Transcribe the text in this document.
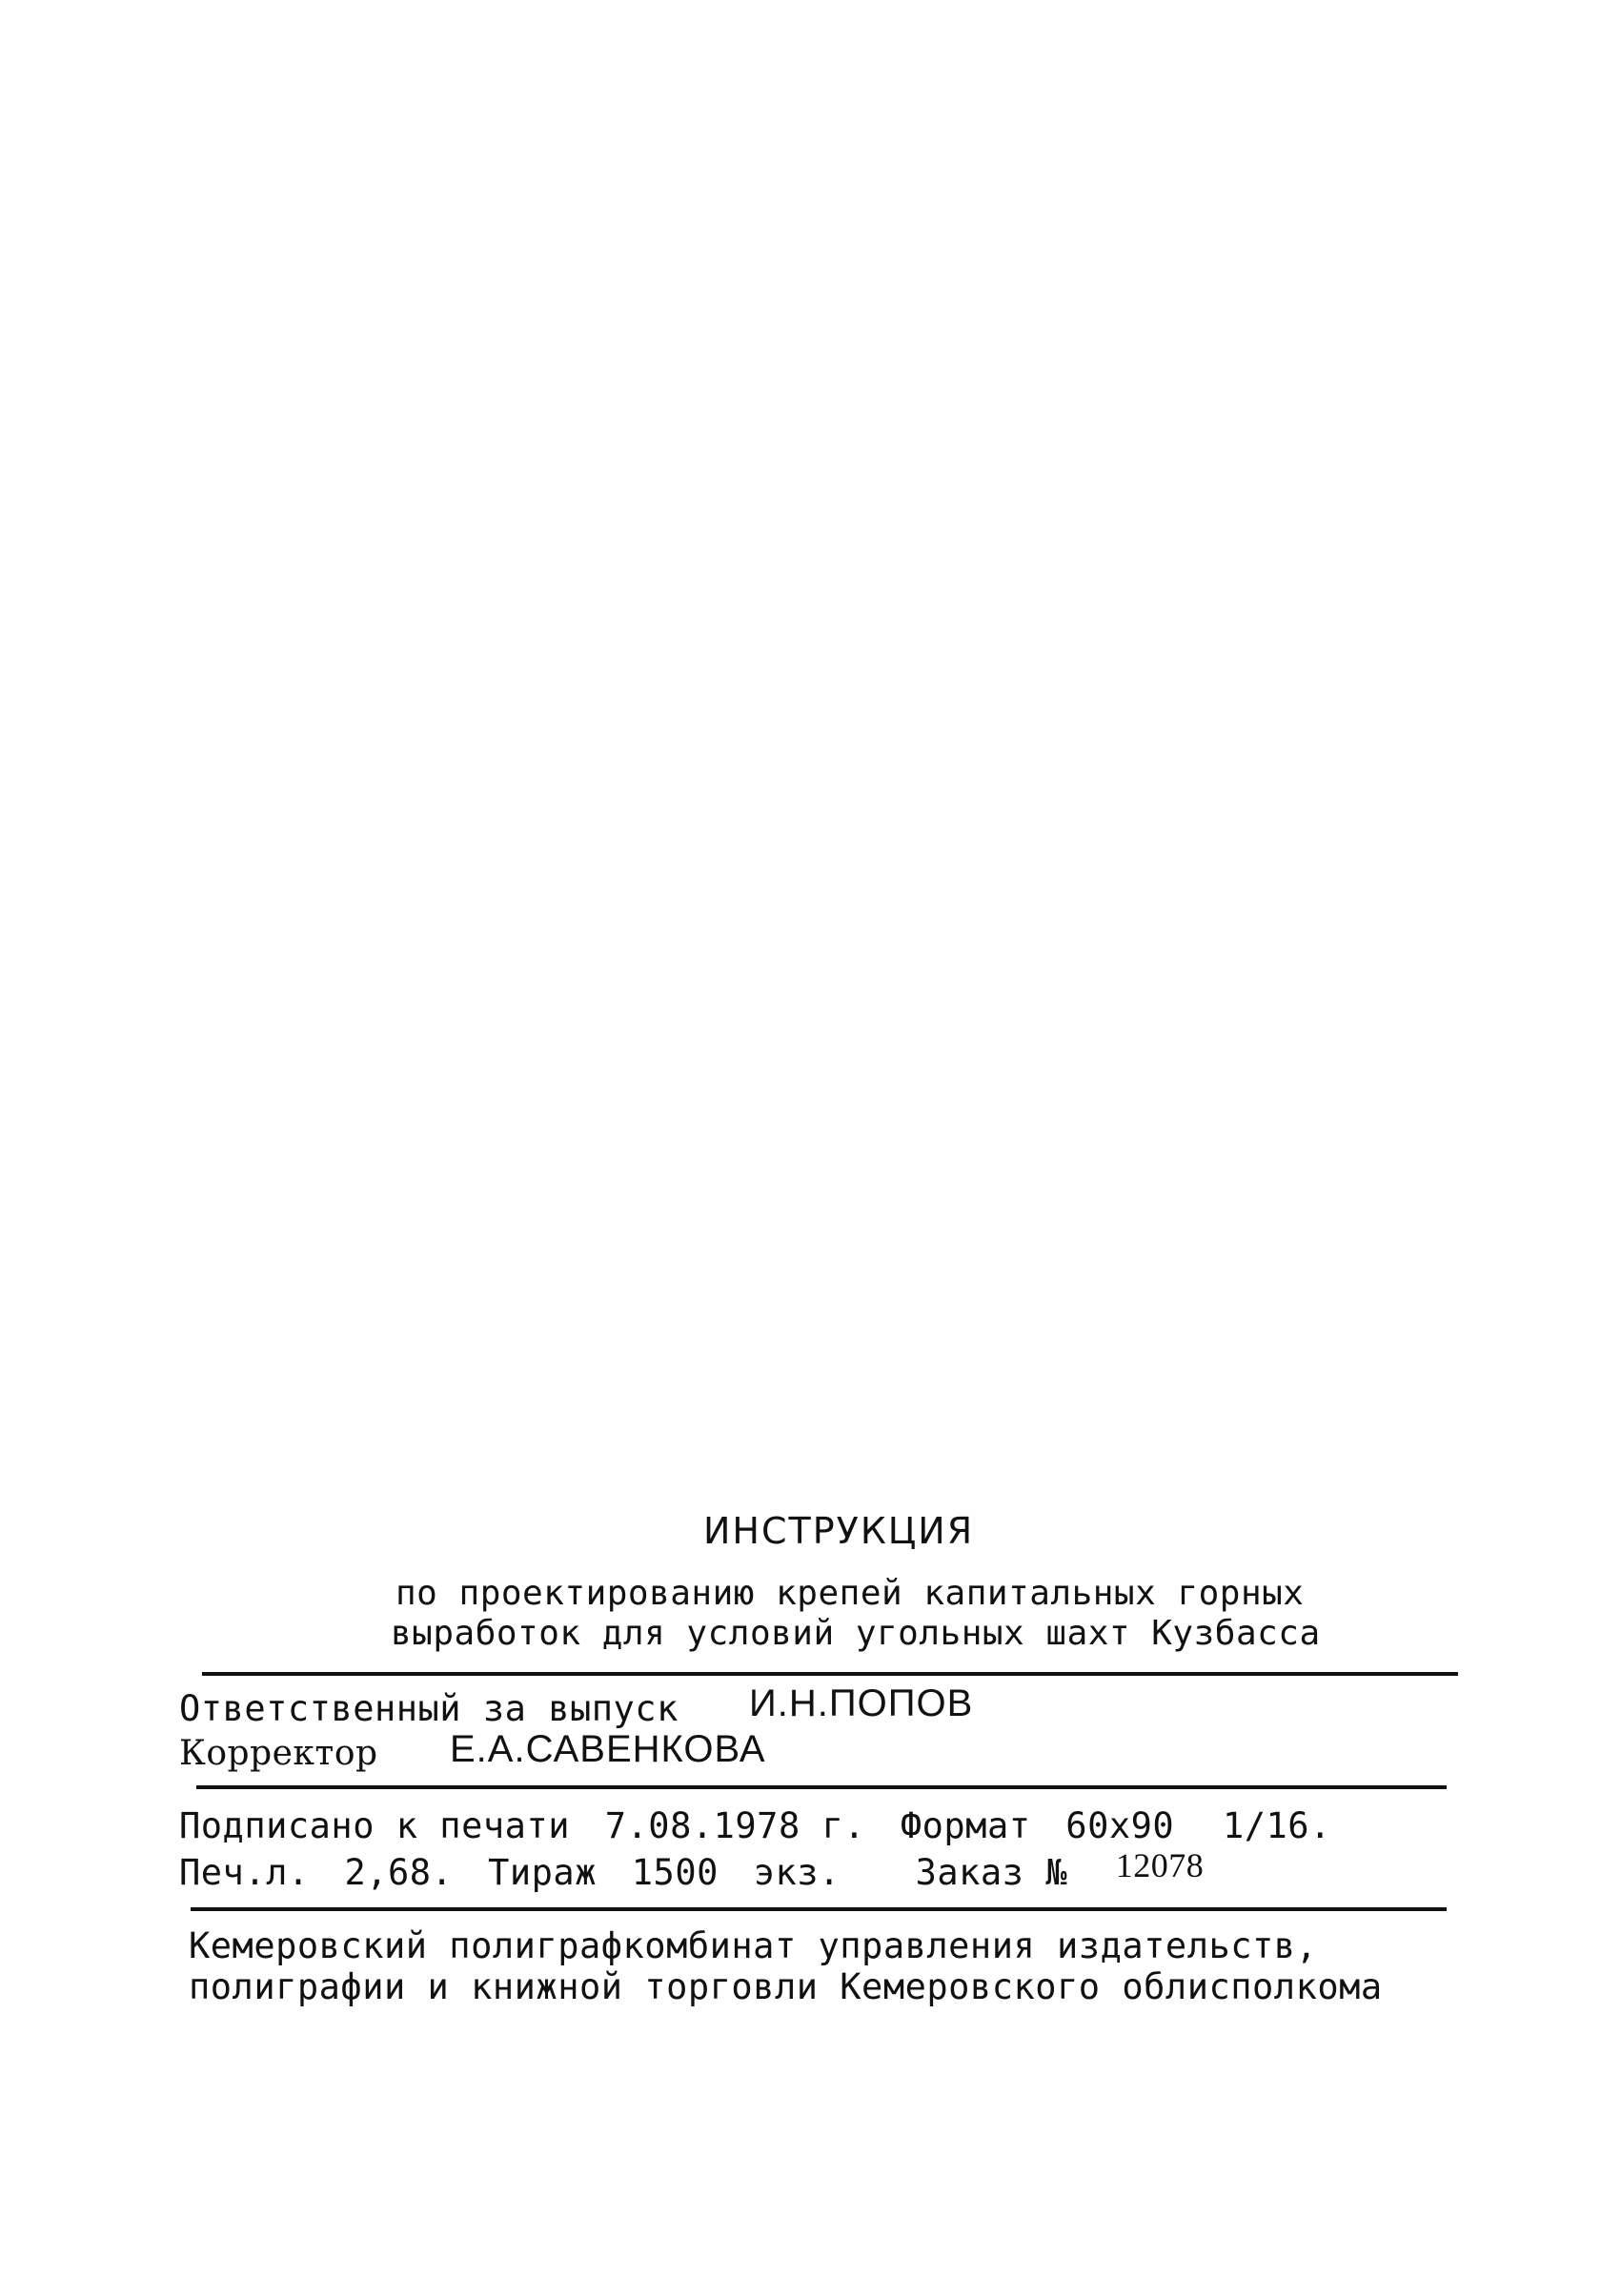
ИНСТРУКЦИЯ
по проектированию крепей капитальных горных
выработок для условий угольных шахт Кузбасса
Ответственный за выпуск И.Н.ПОПОВ
Корректор Е.А.САВЕНКОВА
Подписано к печати 7.08.1978 г. Формат 60x90 1/16.
Печ.л. 2,68. Тираж 1500 экз. Заказ № 12078
Кемеровский полиграфкомбинат управления издательств,
полиграфии и книжной торговли Кемеровского облисполкома
